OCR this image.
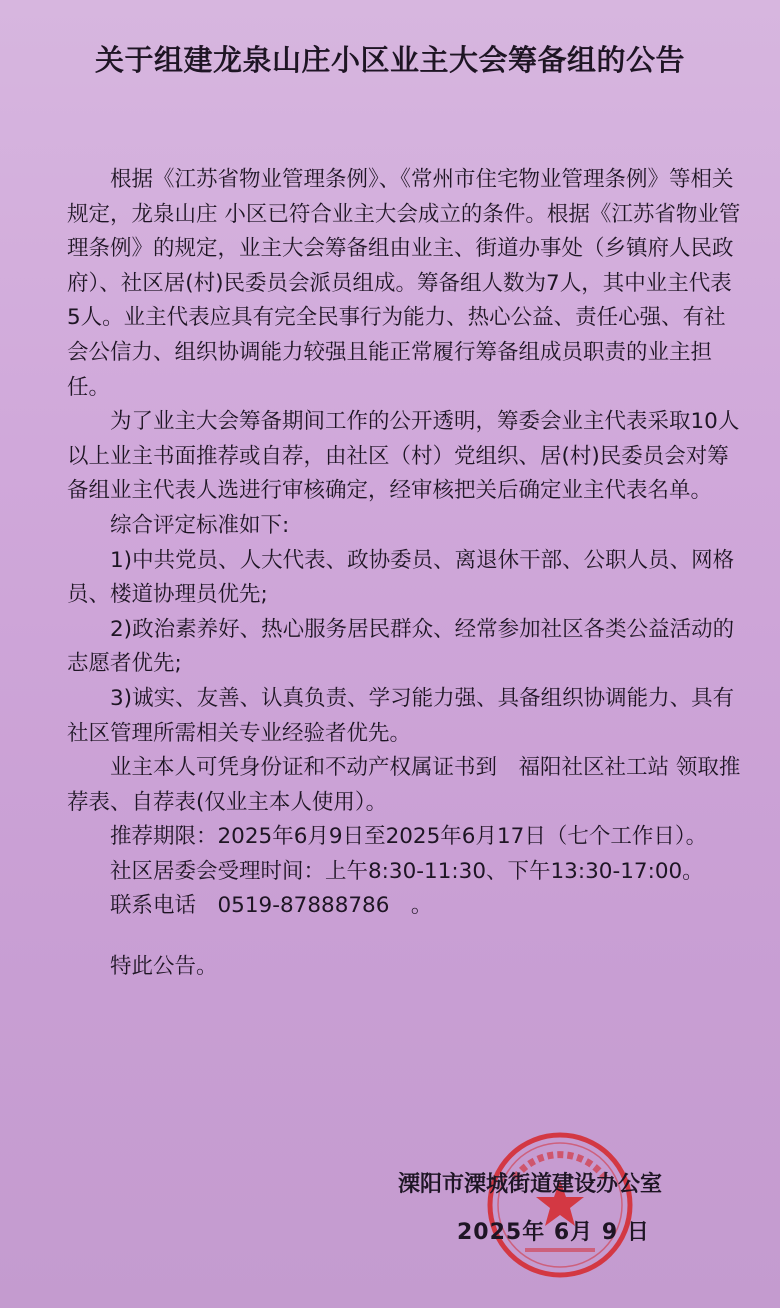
关于组建龙泉山庄小区业主大会筹备组的公告

根据《江苏省物业管理条例》、《常州市住宅物业管理条例》等相关规定，龙泉山庄 小区已符合业主大会成立的条件。根据《江苏省物业管理条例》的规定，业主大会筹备组由业主、街道办事处（乡镇府人民政府）、社区居(村)民委员会派员组成。筹备组人数为7人，其中业主代表5人。业主代表应具有完全民事行为能力、热心公益、责任心强、有社会公信力、组织协调能力较强且能正常履行筹备组成员职责的业主担任。

为了业主大会筹备期间工作的公开透明，筹委会业主代表采取10人以上业主书面推荐或自荐，由社区（村）党组织、居(村)民委员会对筹备组业主代表人选进行审核确定，经审核把关后确定业主代表名单。

综合评定标准如下:

1)中共党员、人大代表、政协委员、离退休干部、公职人员、网格员、楼道协理员优先;

2)政治素养好、热心服务居民群众、经常参加社区各类公益活动的志愿者优先;

3)诚实、友善、认真负责、学习能力强、具备组织协调能力、具有社区管理所需相关专业经验者优先。

业主本人可凭身份证和不动产权属证书到　福阳社区社工站 领取推荐表、自荐表(仅业主本人使用）。

推荐期限：2025年6月9日至2025年6月17日（七个工作日）。

社区居委会受理时间：上午8:30-11:30、下午13:30-17:00。

联系电话　0519-87888786　。

特此公告。

溧阳市溧城街道建设办公室
2025年 6月 9 日
